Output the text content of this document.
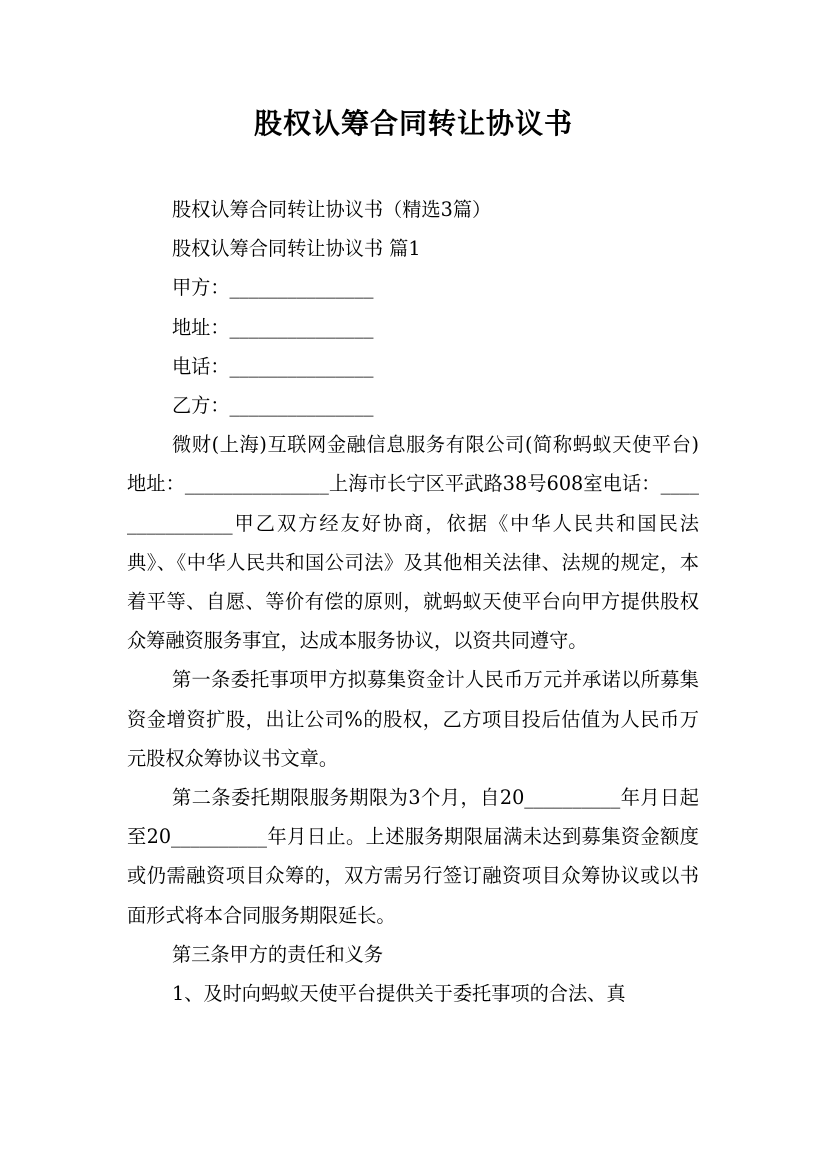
股权认筹合同转让协议书

股权认筹合同转让协议书（精选3篇）

股权认筹合同转让协议书 篇1

甲方：_______________

地址：_______________

电话：_______________

乙方：_______________

微财(上海)互联网金融信息服务有限公司(简称蚂蚁天使平台)地址：_______________上海市长宁区平武路38号608室电话：_______________甲乙双方经友好协商，依据《中华人民共和国民法典》、《中华人民共和国公司法》及其他相关法律、法规的规定，本着平等、自愿、等价有偿的原则，就蚂蚁天使平台向甲方提供股权众筹融资服务事宜，达成本服务协议，以资共同遵守。

第一条委托事项甲方拟募集资金计人民币万元并承诺以所募集资金增资扩股，出让公司%的股权，乙方项目投后估值为人民币万元股权众筹协议书文章。

第二条委托期限服务期限为3个月，自20__________年月日起至20__________年月日止。上述服务期限届满未达到募集资金额度或仍需融资项目众筹的，双方需另行签订融资项目众筹协议或以书面形式将本合同服务期限延长。

第三条甲方的责任和义务

1、及时向蚂蚁天使平台提供关于委托事项的合法、真
